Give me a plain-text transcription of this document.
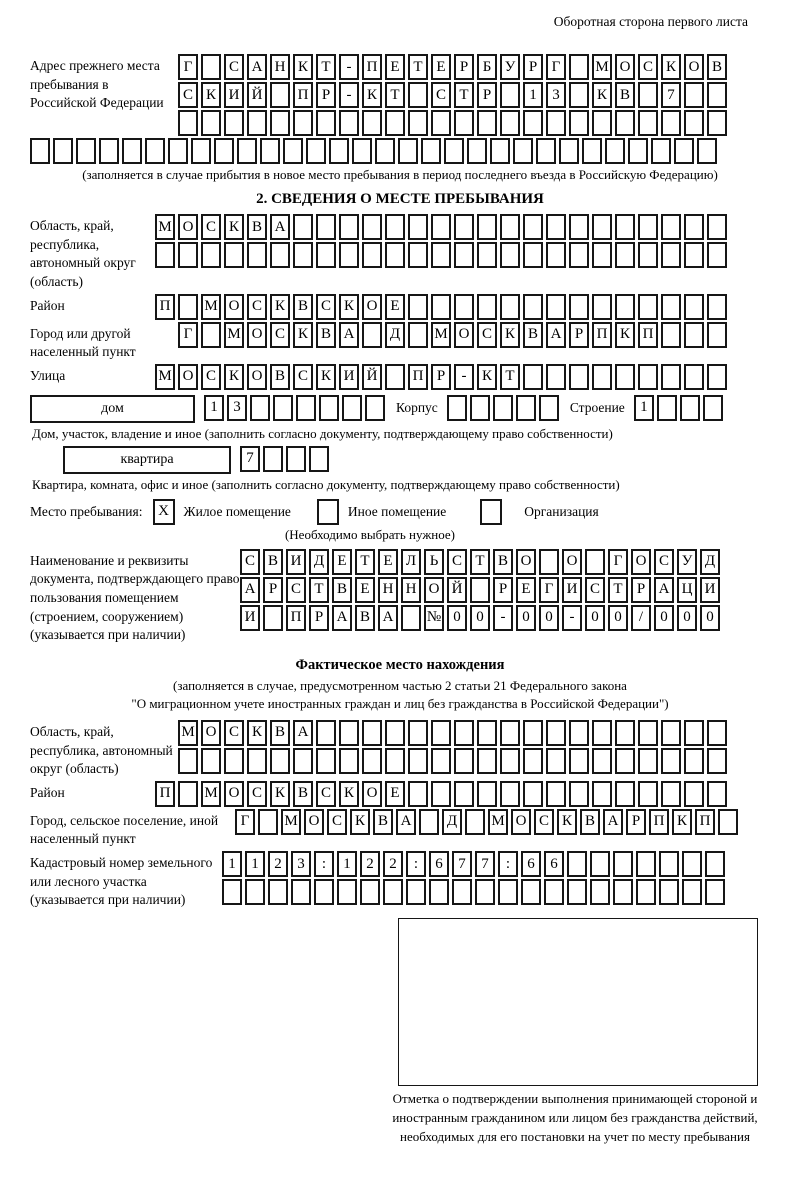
Оборотная сторона первого листа
Адрес прежнего места пребывания в Российской Федерации
Г	С А Н К Т	-	П Е Т Е Р Б У Р Г	М О С К О В
С К И Й	П Р	-	К Т	С Т Р	1	3	К В	7
(заполняется в случае прибытия в новое место пребывания в период последнего въезда в Российскую Федерацию)
2. СВЕДЕНИЯ О МЕСТЕ ПРЕБЫВАНИЯ
Область, край, республика, автономный округ (область)
М О С К В А
Район	П	М О С К В С К О Е
Город или другой населенный пункт
Г	М О С К В А	Д	М О С К В А Р П К П
Улица	М О С К О В С К И Й	П Р	-	К Т
дом	1	3	Корпус	Строение	1
Дом, участок, владение и иное (заполнить согласно документу, подтверждающему право собственности)
квартира	7
Квартира, комната, офис и иное (заполнить согласно документу, подтверждающему право собственности)
Место пребывания:	X	Жилое помещение	Иное помещение	Организация
(Необходимо выбрать нужное)
Наименование и реквизиты документа, подтверждающего право пользования помещением (строением, сооружением) (указывается при наличии)
С В И Д Е Т Е Л Ь С Т В О	О	Г О С У Д
А Р С Т В Е Н Н О Й	Р Е Г И С Т Р А Ц И
И	П Р А В А	№ 0	0	-	0	0	-	0	0	/	0	0	0
Фактическое место нахождения
(заполняется в случае, предусмотренном частью 2 статьи 21 Федерального закона
"О миграционном учете иностранных граждан и лиц без гражданства в Российской Федерации")
Область, край, республика, автономный округ (область)
М О С К В А
Район	П	М О С К В С К О Е
Город, сельское поселение, иной населенный пункт
Г	М О С К В А	Д	М О С К В А Р П К П
Кадастровый номер земельного или лесного участка (указывается при наличии)
1	1	2	3	:	1	2	2	:	6	7	7	:	6	6
Отметка о подтверждении выполнения принимающей стороной и иностранным гражданином или лицом без гражданства действий, необходимых для его постановки на учет по месту пребывания
